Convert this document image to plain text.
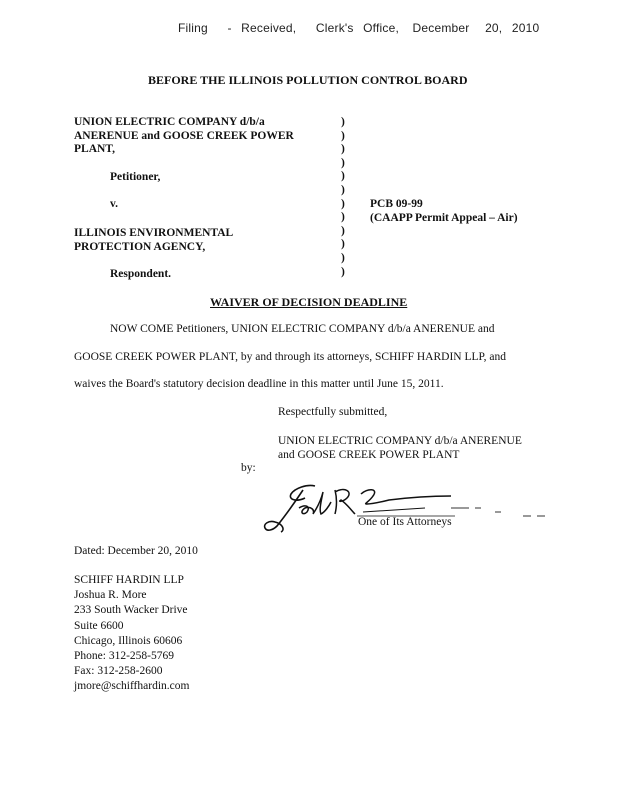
Filing - Received, Clerk's Office, December 20, 2010
BEFORE THE ILLINOIS POLLUTION CONTROL BOARD
UNION ELECTRIC COMPANY d/b/a
ANERENUE and GOOSE CREEK POWER
PLANT,
Petitioner,
v.
ILLINOIS ENVIRONMENTAL
PROTECTION AGENCY,
Respondent.
)
)
)
)
)
)
)
)
)
)
)
)
PCB 09-99
(CAAPP Permit Appeal – Air)
WAIVER OF DECISION DEADLINE
NOW COME Petitioners, UNION ELECTRIC COMPANY d/b/a ANERENUE and
GOOSE CREEK POWER PLANT, by and through its attorneys, SCHIFF HARDIN LLP, and
waives the Board's statutory decision deadline in this matter until June 15, 2011.
Respectfully submitted,
UNION ELECTRIC COMPANY d/b/a ANERENUE
and GOOSE CREEK POWER PLANT
by:
One of Its Attorneys
Dated: December 20, 2010
SCHIFF HARDIN LLP
Joshua R. More
233 South Wacker Drive
Suite 6600
Chicago, Illinois 60606
Phone: 312-258-5769
Fax: 312-258-2600
jmore@schiffhardin.com
